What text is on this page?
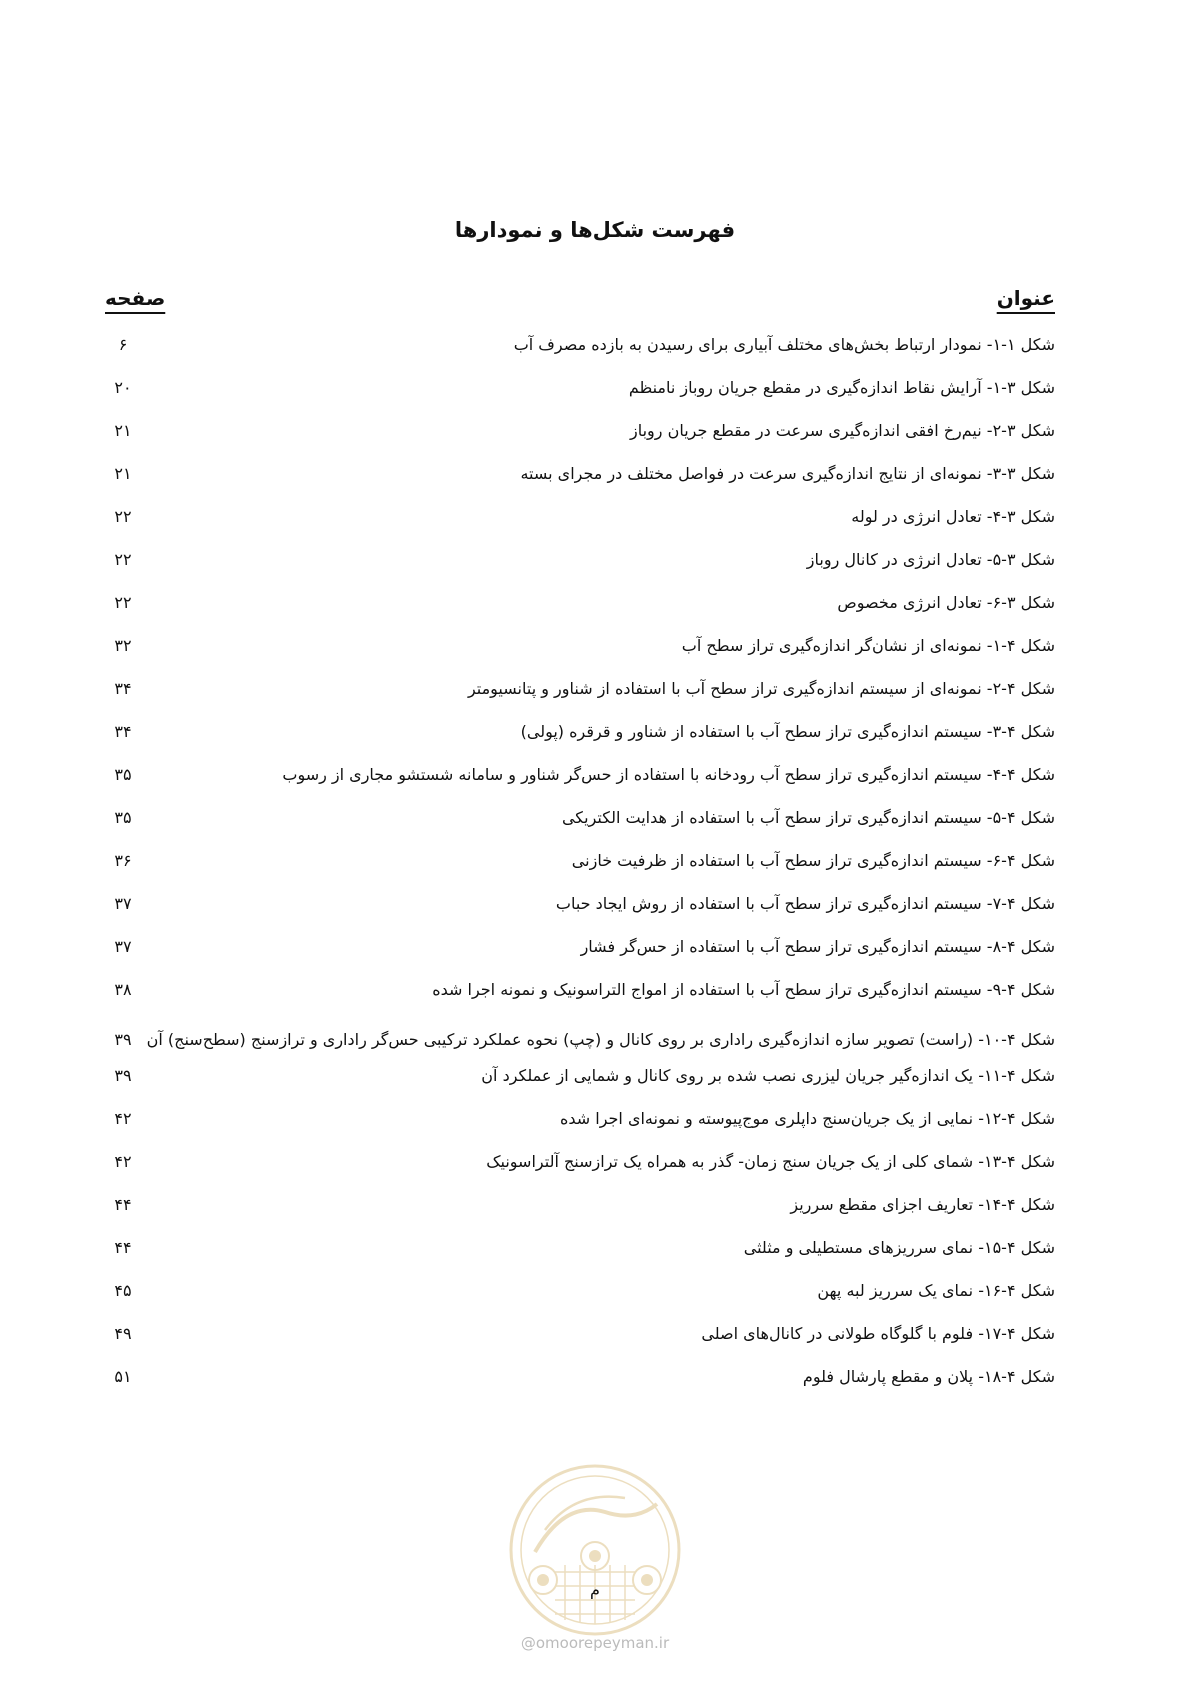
فهرست شکل‌ها و نمودارها
عنوان
صفحه
شکل ۱-۱- نمودار ارتباط بخش‌های مختلف آبیاری برای رسیدن به بازده مصرف آب
۶
شکل ۳-۱- آرایش نقاط اندازه‌گیری در مقطع جریان روباز نامنظم
۲۰
شکل ۳-۲- نیم‌رخ افقی اندازه‌گیری سرعت در مقطع جریان روباز
۲۱
شکل ۳-۳- نمونه‌ای از نتایج اندازه‌گیری سرعت در فواصل مختلف در مجرای بسته
۲۱
شکل ۳-۴- تعادل انرژی در لوله
۲۲
شکل ۳-۵- تعادل انرژی در کانال روباز
۲۲
شکل ۳-۶- تعادل انرژی مخصوص
۲۲
شکل ۴-۱- نمونه‌ای از نشان‌گر اندازه‌گیری تراز سطح آب
۳۲
شکل ۴-۲- نمونه‌ای از سیستم اندازه‌گیری تراز سطح آب با استفاده از شناور و پتانسیومتر
۳۴
شکل ۴-۳- سیستم اندازه‌گیری تراز سطح آب با استفاده از شناور و قرقره (پولی)
۳۴
شکل ۴-۴- سیستم اندازه‌گیری تراز سطح آب رودخانه با استفاده از حس‌گر شناور و سامانه شستشو مجاری از رسوب
۳۵
شکل ۴-۵- سیستم اندازه‌گیری تراز سطح آب با استفاده از هدایت الکتریکی
۳۵
شکل ۴-۶- سیستم اندازه‌گیری تراز سطح آب با استفاده از ظرفیت خازنی
۳۶
شکل ۴-۷- سیستم اندازه‌گیری تراز سطح آب با استفاده از روش ایجاد حباب
۳۷
شکل ۴-۸- سیستم اندازه‌گیری تراز سطح آب با استفاده از حس‌گر فشار
۳۷
شکل ۴-۹- سیستم اندازه‌گیری تراز سطح آب با استفاده از امواج التراسونیک و نمونه اجرا شده
۳۸
شکل ۴-۱۰- (راست) تصویر سازه اندازه‌گیری راداری بر روی کانال و (چپ) نحوه عملکرد ترکیبی حس‌گر راداری و ترازسنج (سطح‌سنج) آن
۳۹
شکل ۴-۱۱- یک اندازه‌گیر جریان لیزری نصب شده بر روی کانال و شمایی از عملکرد آن
۳۹
شکل ۴-۱۲- نمایی از یک جریان‌سنج داپلری موج‌پیوسته و نمونه‌ای اجرا شده
۴۲
شکل ۴-۱۳- شمای کلی از یک جریان سنج زمان- گذر به همراه یک ترازسنج آلتراسونیک
۴۲
شکل ۴-۱۴- تعاریف اجزای مقطع سرریز
۴۴
شکل ۴-۱۵- نمای سرریزهای مستطیلی و مثلثی
۴۴
شکل ۴-۱۶- نمای یک سرریز لبه پهن
۴۵
شکل ۴-۱۷- فلوم با گلوگاه طولانی در کانال‌های اصلی
۴۹
شکل ۴-۱۸- پلان و مقطع پارشال فلوم
۵۱
م
@omoorepeyman.ir
